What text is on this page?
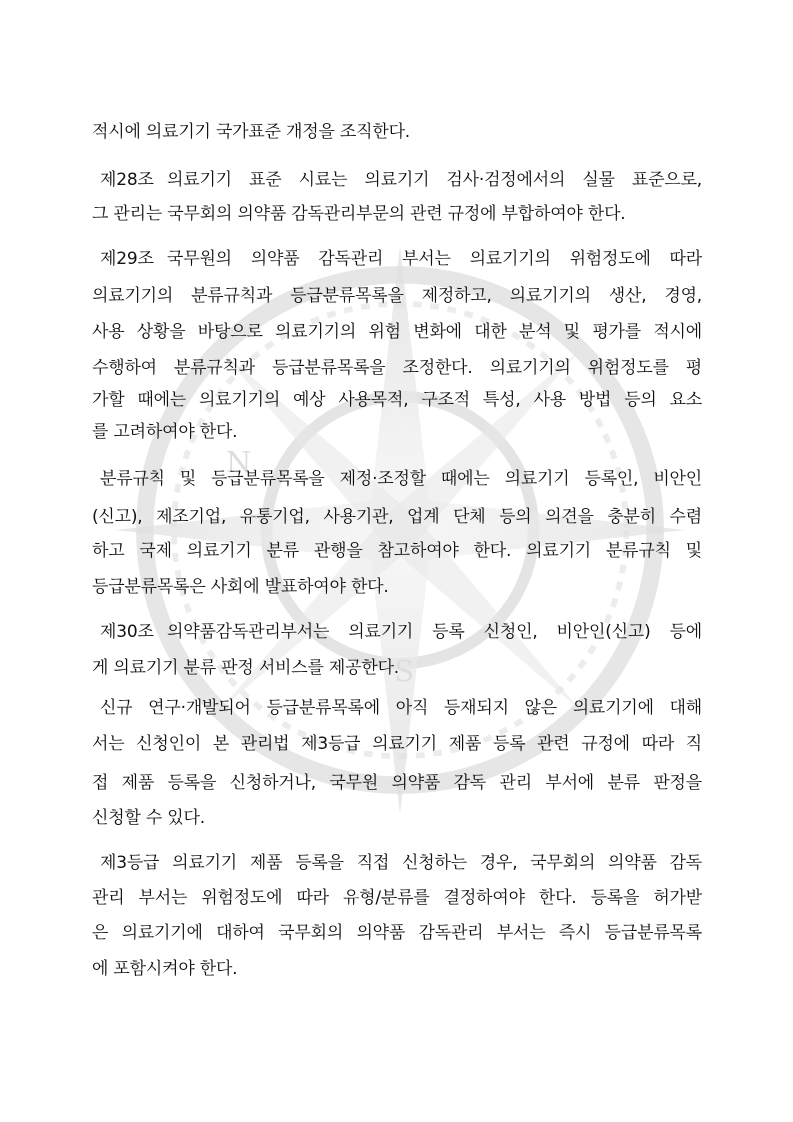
N
S
적시에 의료기기 국가표준 개정을 조직한다.
제28조 의료기기 표준 시료는 의료기기 검사·검정에서의 실물 표준으로,
그 관리는 국무회의 의약품 감독관리부문의 관련 규정에 부합하여야 한다.
제29조 국무원의 의약품 감독관리 부서는 의료기기의 위험정도에 따라
의료기기의 분류규칙과 등급분류목록을 제정하고, 의료기기의 생산, 경영,
사용 상황을 바탕으로 의료기기의 위험 변화에 대한 분석 및 평가를 적시에
수행하여 분류규칙과 등급분류목록을 조정한다. 의료기기의 위험정도를 평
가할 때에는 의료기기의 예상 사용목적, 구조적 특성, 사용 방법 등의 요소
를 고려하여야 한다.
분류규칙 및 등급분류목록을 제정·조정할 때에는 의료기기 등록인, 비안인
(신고), 제조기업, 유통기업, 사용기관, 업계 단체 등의 의견을 충분히 수렴
하고 국제 의료기기 분류 관행을 참고하여야 한다. 의료기기 분류규칙 및
등급분류목록은 사회에 발표하여야 한다.
제30조 의약품감독관리부서는 의료기기 등록 신청인, 비안인(신고) 등에
게 의료기기 분류 판정 서비스를 제공한다.
신규 연구·개발되어 등급분류목록에 아직 등재되지 않은 의료기기에 대해
서는 신청인이 본 관리법 제3등급 의료기기 제품 등록 관련 규정에 따라 직
접 제품 등록을 신청하거나, 국무원 의약품 감독 관리 부서에 분류 판정을
신청할 수 있다.
제3등급 의료기기 제품 등록을 직접 신청하는 경우, 국무회의 의약품 감독
관리 부서는 위험정도에 따라 유형/분류를 결정하여야 한다. 등록을 허가받
은 의료기기에 대하여 국무회의 의약품 감독관리 부서는 즉시 등급분류목록
에 포함시켜야 한다.
